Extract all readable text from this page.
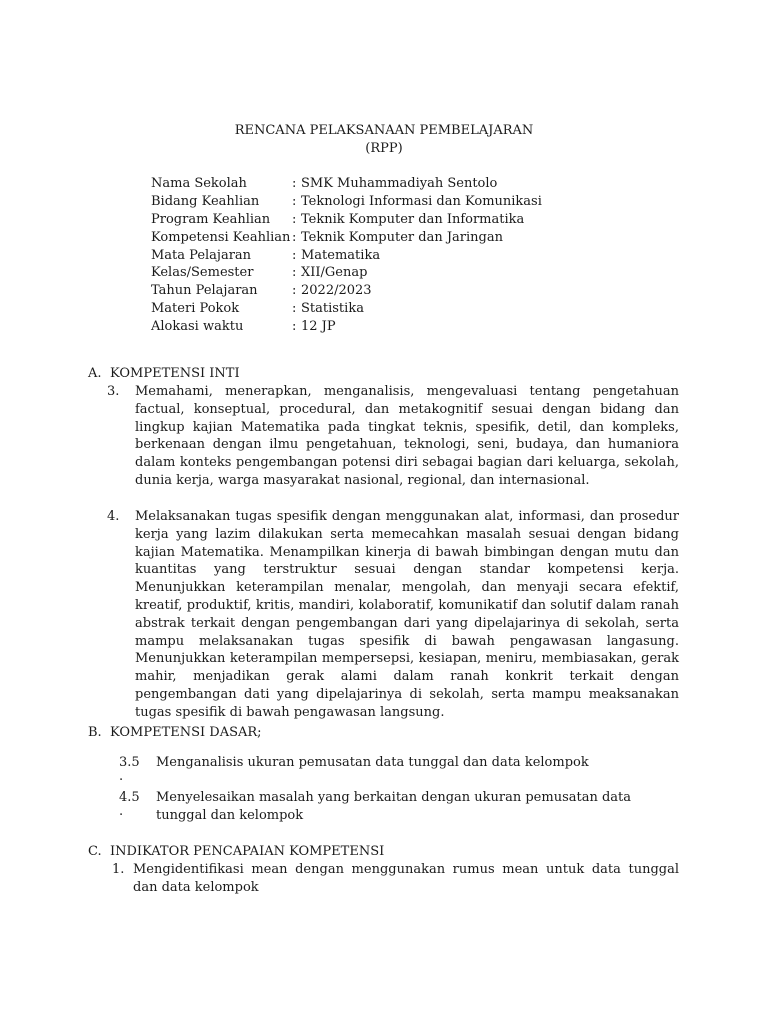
RENCANA PELAKSANAAN PEMBELAJARAN
(RPP)
Nama Sekolah	: SMK Muhammadiyah Sentolo
Bidang Keahlian	: Teknologi Informasi dan Komunikasi
Program Keahlian	: Teknik Komputer dan Informatika
Kompetensi Keahlian : Teknik Komputer dan Jaringan
Mata Pelajaran	: Matematika
Kelas/Semester	: XII/Genap
Tahun Pelajaran	: 2022/2023
Materi Pokok	: Statistika
Alokasi waktu	: 12 JP
A. KOMPETENSI INTI
3.	Memahami, menerapkan, menganalisis, mengevaluasi tentang pengetahuan factual, konseptual, procedural, dan metakognitif sesuai dengan bidang dan lingkup kajian Matematika pada tingkat teknis, spesifik, detil, dan kompleks, berkenaan dengan ilmu pengetahuan, teknologi, seni, budaya, dan humaniora dalam konteks pengembangan potensi diri sebagai bagian dari keluarga, sekolah, dunia kerja, warga masyarakat nasional, regional, dan internasional.
4.	Melaksanakan tugas spesifik dengan menggunakan alat, informasi, dan prosedur kerja yang lazim dilakukan serta memecahkan masalah sesuai dengan bidang kajian Matematika. Menampilkan kinerja di bawah bimbingan dengan mutu dan kuantitas yang terstruktur sesuai dengan standar kompetensi kerja. Menunjukkan keterampilan menalar, mengolah, dan menyaji secara efektif, kreatif, produktif, kritis, mandiri, kolaboratif, komunikatif dan solutif dalam ranah abstrak terkait dengan pengembangan dari yang dipelajarinya di sekolah, serta mampu melaksanakan tugas spesifik di bawah pengawasan langasung. Menunjukkan keterampilan mempersepsi, kesiapan, meniru, membiasakan, gerak mahir, menjadikan gerak alami dalam ranah konkrit terkait dengan pengembangan dati yang dipelajarinya di sekolah, serta mampu meaksanakan tugas spesifik di bawah pengawasan langsung.
B. KOMPETENSI DASAR;
3.5
.
Menganalisis ukuran pemusatan data tunggal dan data kelompok
4.5
.
Menyelesaikan masalah yang berkaitan dengan ukuran pemusatan data
tunggal dan kelompok
C. INDIKATOR PENCAPAIAN KOMPETENSI
1. Mengidentifikasi mean dengan menggunakan rumus mean untuk data tunggal dan data kelompok
